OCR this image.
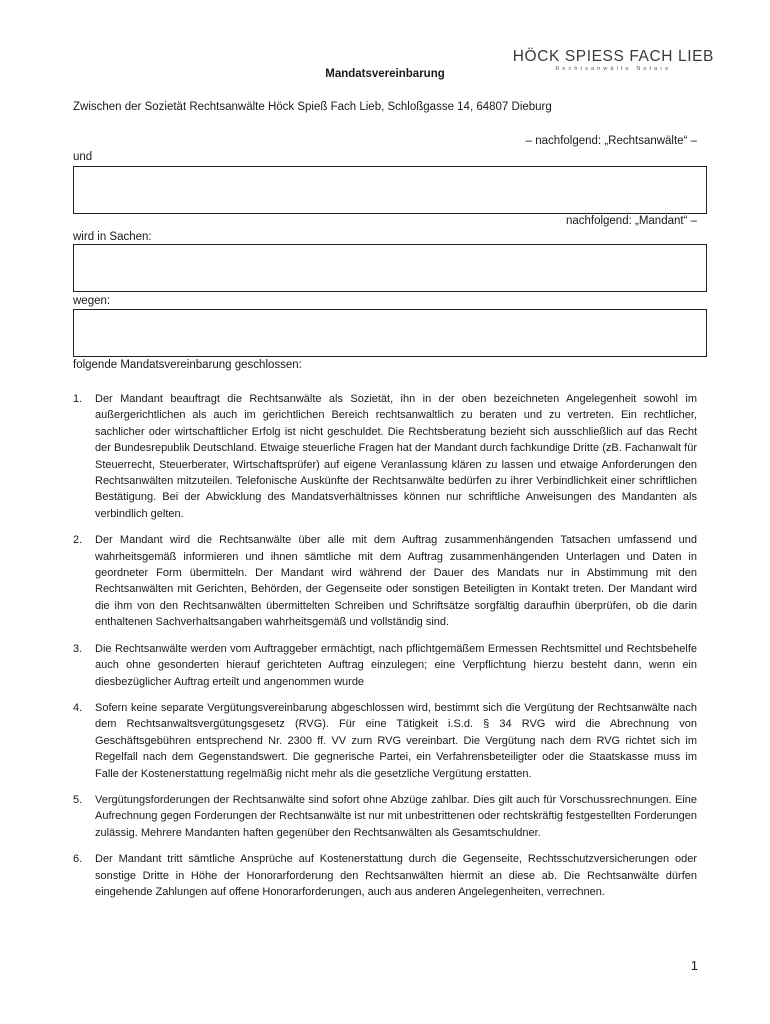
HÖCK SPIESS FACH LIEB
Rechtsanwälte Notare
Mandatsvereinbarung
Zwischen der Sozietät Rechtsanwälte Höck Spieß Fach Lieb, Schloßgasse 14, 64807 Dieburg
– nachfolgend: „Rechtsanwälte“ –
und
nachfolgend: „Mandant“ –
wird in Sachen:
wegen:
folgende Mandatsvereinbarung geschlossen:
1. Der Mandant beauftragt die Rechtsanwälte als Sozietät, ihn in der oben bezeichneten Angelegenheit sowohl im außergerichtlichen als auch im gerichtlichen Bereich rechtsanwaltlich zu beraten und zu vertreten. Ein rechtlicher, sachlicher oder wirtschaftlicher Erfolg ist nicht geschuldet. Die Rechtsberatung bezieht sich ausschließlich auf das Recht der Bundesrepublik Deutschland. Etwaige steuerliche Fragen hat der Mandant durch fachkundige Dritte (zB. Fachanwalt für Steuerrecht, Steuerberater, Wirtschaftsprüfer) auf eigene Veranlassung klären zu lassen und etwaige Anforderungen den Rechtsanwälten mitzuteilen. Telefonische Auskünfte der Rechtsanwälte bedürfen zu ihrer Verbindlichkeit einer schriftlichen Bestätigung. Bei der Abwicklung des Mandatsverhältnisses können nur schriftliche Anweisungen des Mandanten als verbindlich gelten.
2. Der Mandant wird die Rechtsanwälte über alle mit dem Auftrag zusammenhängenden Tatsachen umfassend und wahrheitsgemäß informieren und ihnen sämtliche mit dem Auftrag zusammenhängenden Unterlagen und Daten in geordneter Form übermitteln. Der Mandant wird während der Dauer des Mandats nur in Abstimmung mit den Rechtsanwälten mit Gerichten, Behörden, der Gegenseite oder sonstigen Beteiligten in Kontakt treten. Der Mandant wird die ihm von den Rechtsanwälten übermittelten Schreiben und Schriftsätze sorgfältig daraufhin überprüfen, ob die darin enthaltenen Sachverhaltsangaben wahrheitsgemäß und vollständig sind.
3. Die Rechtsanwälte werden vom Auftraggeber ermächtigt, nach pflichtgemäßem Ermessen Rechtsmittel und Rechtsbehelfe auch ohne gesonderten hierauf gerichteten Auftrag einzulegen; eine Verpflichtung hierzu besteht dann, wenn ein diesbezüglicher Auftrag erteilt und angenommen wurde
4. Sofern keine separate Vergütungsvereinbarung abgeschlossen wird, bestimmt sich die Vergütung der Rechtsanwälte nach dem Rechtsanwaltsvergütungsgesetz (RVG). Für eine Tätigkeit i.S.d. § 34 RVG wird die Abrechnung von Geschäftsgebühren entsprechend Nr. 2300 ff. VV zum RVG vereinbart. Die Vergütung nach dem RVG richtet sich im Regelfall nach dem Gegenstandswert. Die gegnerische Partei, ein Verfahrensbeteiligter oder die Staatskasse muss im Falle der Kostenerstattung regelmäßig nicht mehr als die gesetzliche Vergütung erstatten.
5. Vergütungsforderungen der Rechtsanwälte sind sofort ohne Abzüge zahlbar. Dies gilt auch für Vorschussrechnungen. Eine Aufrechnung gegen Forderungen der Rechtsanwälte ist nur mit unbestrittenen oder rechtskräftig festgestellten Forderungen zulässig. Mehrere Mandanten haften gegenüber den Rechtsanwälten als Gesamtschuldner.
6. Der Mandant tritt sämtliche Ansprüche auf Kostenerstattung durch die Gegenseite, Rechtsschutzversicherungen oder sonstige Dritte in Höhe der Honorarforderung den Rechtsanwälten hiermit an diese ab. Die Rechtsanwälte dürfen eingehende Zahlungen auf offene Honorarforderungen, auch aus anderen Angelegenheiten, verrechnen.
1
